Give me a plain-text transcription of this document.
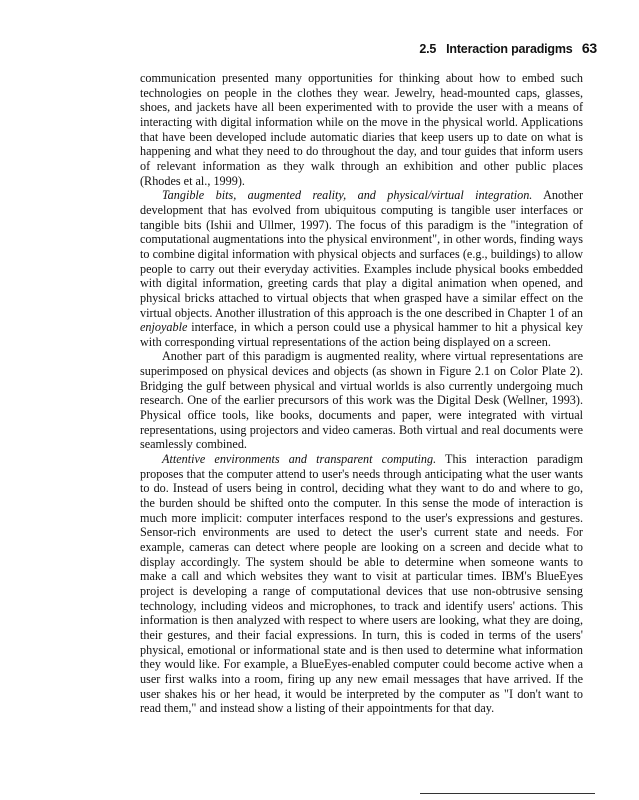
2.5 Interaction paradigms 63

communication presented many opportunities for thinking about how to embed such technologies on people in the clothes they wear. Jewelry, head-mounted caps, glasses, shoes, and jackets have all been experimented with to provide the user with a means of interacting with digital information while on the move in the physical world. Applications that have been developed include automatic diaries that keep users up to date on what is happening and what they need to do throughout the day, and tour guides that inform users of relevant information as they walk through an exhibition and other public places (Rhodes et al., 1999).

Tangible bits, augmented reality, and physical/virtual integration. Another development that has evolved from ubiquitous computing is tangible user interfaces or tangible bits (Ishii and Ullmer, 1997). The focus of this paradigm is the "integration of computational augmentations into the physical environment", in other words, finding ways to combine digital information with physical objects and surfaces (e.g., buildings) to allow people to carry out their everyday activities. Examples include physical books embedded with digital information, greeting cards that play a digital animation when opened, and physical bricks attached to virtual objects that when grasped have a similar effect on the virtual objects. Another illustration of this approach is the one described in Chapter 1 of an enjoyable interface, in which a person could use a physical hammer to hit a physical key with corresponding virtual representations of the action being displayed on a screen.

Another part of this paradigm is augmented reality, where virtual representations are superimposed on physical devices and objects (as shown in Figure 2.1 on Color Plate 2). Bridging the gulf between physical and virtual worlds is also currently undergoing much research. One of the earlier precursors of this work was the Digital Desk (Wellner, 1993). Physical office tools, like books, documents and paper, were integrated with virtual representations, using projectors and video cameras. Both virtual and real documents were seamlessly combined.

Attentive environments and transparent computing. This interaction paradigm proposes that the computer attend to user's needs through anticipating what the user wants to do. Instead of users being in control, deciding what they want to do and where to go, the burden should be shifted onto the computer. In this sense the mode of interaction is much more implicit: computer interfaces respond to the user's expressions and gestures. Sensor-rich environments are used to detect the user's current state and needs. For example, cameras can detect where people are looking on a screen and decide what to display accordingly. The system should be able to determine when someone wants to make a call and which websites they want to visit at particular times. IBM's BlueEyes project is developing a range of computational devices that use non-obtrusive sensing technology, including videos and microphones, to track and identify users' actions. This information is then analyzed with respect to where users are looking, what they are doing, their gestures, and their facial expressions. In turn, this is coded in terms of the users' physical, emotional or informational state and is then used to determine what information they would like. For example, a BlueEyes-enabled computer could become active when a user first walks into a room, firing up any new email messages that have arrived. If the user shakes his or her head, it would be interpreted by the computer as "I don't want to read them," and instead show a listing of their appointments for that day.
